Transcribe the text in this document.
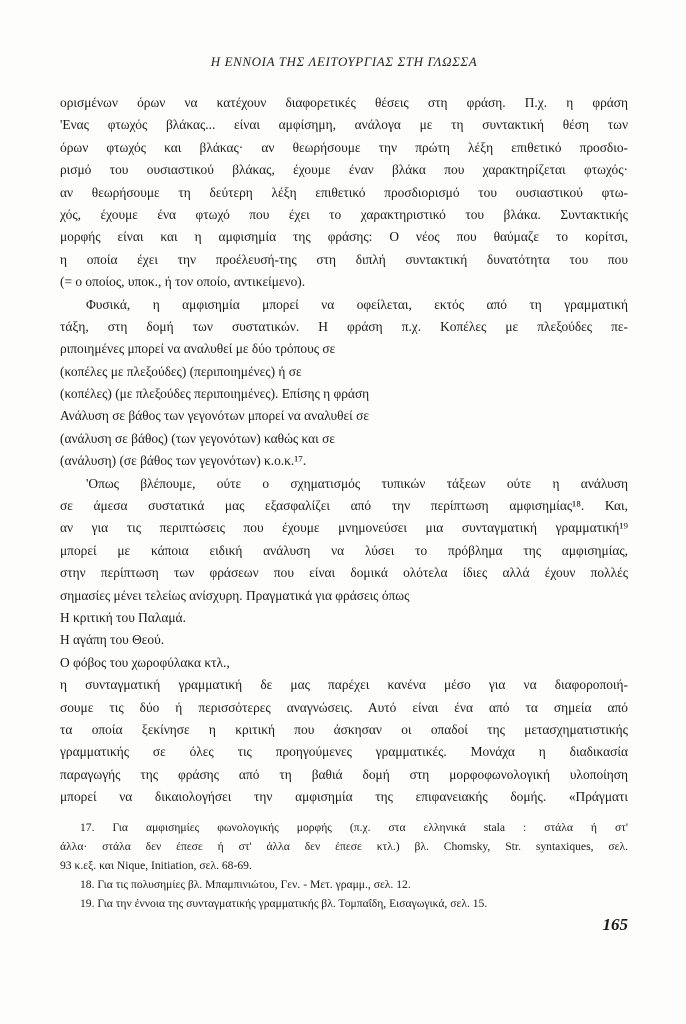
Η ΕΝΝΟΙΑ ΤΗΣ ΛΕΙΤΟΥΡΓΙΑΣ ΣΤΗ ΓΛΩΣΣΑ
ορισμένων όρων να κατέχουν διαφορετικές θέσεις στη φράση. Π.χ. η φράση
'Ενας φτωχός βλάκας... είναι αμφίσημη, ανάλογα με τη συντακτική θέση των
όρων φτωχός και βλάκας· αν θεωρήσουμε την πρώτη λέξη επιθετικό προσδιο-
ρισμό του ουσιαστικού βλάκας, έχουμε έναν βλάκα που χαρακτηρίζεται φτωχός·
αν θεωρήσουμε τη δεύτερη λέξη επιθετικό προσδιορισμό του ουσιαστικού φτω-
χός, έχουμε ένα φτωχό που έχει το χαρακτηριστικό του βλάκα. Συντακτικής
μορφής είναι και η αμφισημία της φράσης: Ο νέος που θαύμαζε το κορίτσι,
η οποία έχει την προέλευσή-της στη διπλή συντακτική δυνατότητα του που
(= ο οποίος, υποκ., ή τον οποίο, αντικείμενο).
Φυσικά, η αμφισημία μπορεί να οφείλεται, εκτός από τη γραμματική
τάξη, στη δομή των συστατικών. Η φράση π.χ. Κοπέλες με πλεξούδες πε-
ριποιημένες μπορεί να αναλυθεί με δύο τρόπους σε
(κοπέλες με πλεξούδες) (περιποιημένες) ή σε
(κοπέλες) (με πλεξούδες περιποιημένες). Επίσης η φράση
Ανάλυση σε βάθος των γεγονότων μπορεί να αναλυθεί σε
(ανάλυση σε βάθος) (των γεγονότων) καθώς και σε
(ανάλυση) (σε βάθος των γεγονότων) κ.ο.κ.¹⁷.
'Οπως βλέπουμε, ούτε ο σχηματισμός τυπικών τάξεων ούτε η ανάλυση
σε άμεσα συστατικά μας εξασφαλίζει από την περίπτωση αμφισημίας¹⁸. Και,
αν για τις περιπτώσεις που έχουμε μνημονεύσει μια συνταγματική γραμματική¹⁹
μπορεί με κάποια ειδική ανάλυση να λύσει το πρόβλημα της αμφισημίας,
στην περίπτωση των φράσεων που είναι δομικά ολότελα ίδιες αλλά έχουν πολλές
σημασίες μένει τελείως ανίσχυρη. Πραγματικά για φράσεις όπως
Η κριτική του Παλαμά.
Η αγάπη του Θεού.
Ο φόβος του χωροφύλακα κτλ.,
η συνταγματική γραμματική δε μας παρέχει κανένα μέσο για να διαφοροποιή-
σουμε τις δύο ή περισσότερες αναγνώσεις. Αυτό είναι ένα από τα σημεία από
τα οποία ξεκίνησε η κριτική που άσκησαν οι οπαδοί της μετασχηματιστικής
γραμματικής σε όλες τις προηγούμενες γραμματικές. Μονάχα η διαδικασία
παραγωγής της φράσης από τη βαθιά δομή στη μορφοφωνολογική υλοποίηση
μπορεί να δικαιολογήσει την αμφισημία της επιφανειακής δομής. «Πράγματι
17. Για αμφισημίες φωνολογικής μορφής (π.χ. στα ελληνικά stala : στάλα ή στ'
άλλα· στάλα δεν έπεσε ή στ' άλλα δεν έπεσε κτλ.) βλ. Chomsky, Str. syntaxiques, σελ.
93 κ.εξ. και Nique, Initiation, σελ. 68-69.
18. Για τις πολυσημίες βλ. Μπαμπινιώτου, Γεν. - Μετ. γραμμ., σελ. 12.
19. Για την έννοια της συνταγματικής γραμματικής βλ. Τομπαΐδη, Εισαγωγικά, σελ. 15.
165
